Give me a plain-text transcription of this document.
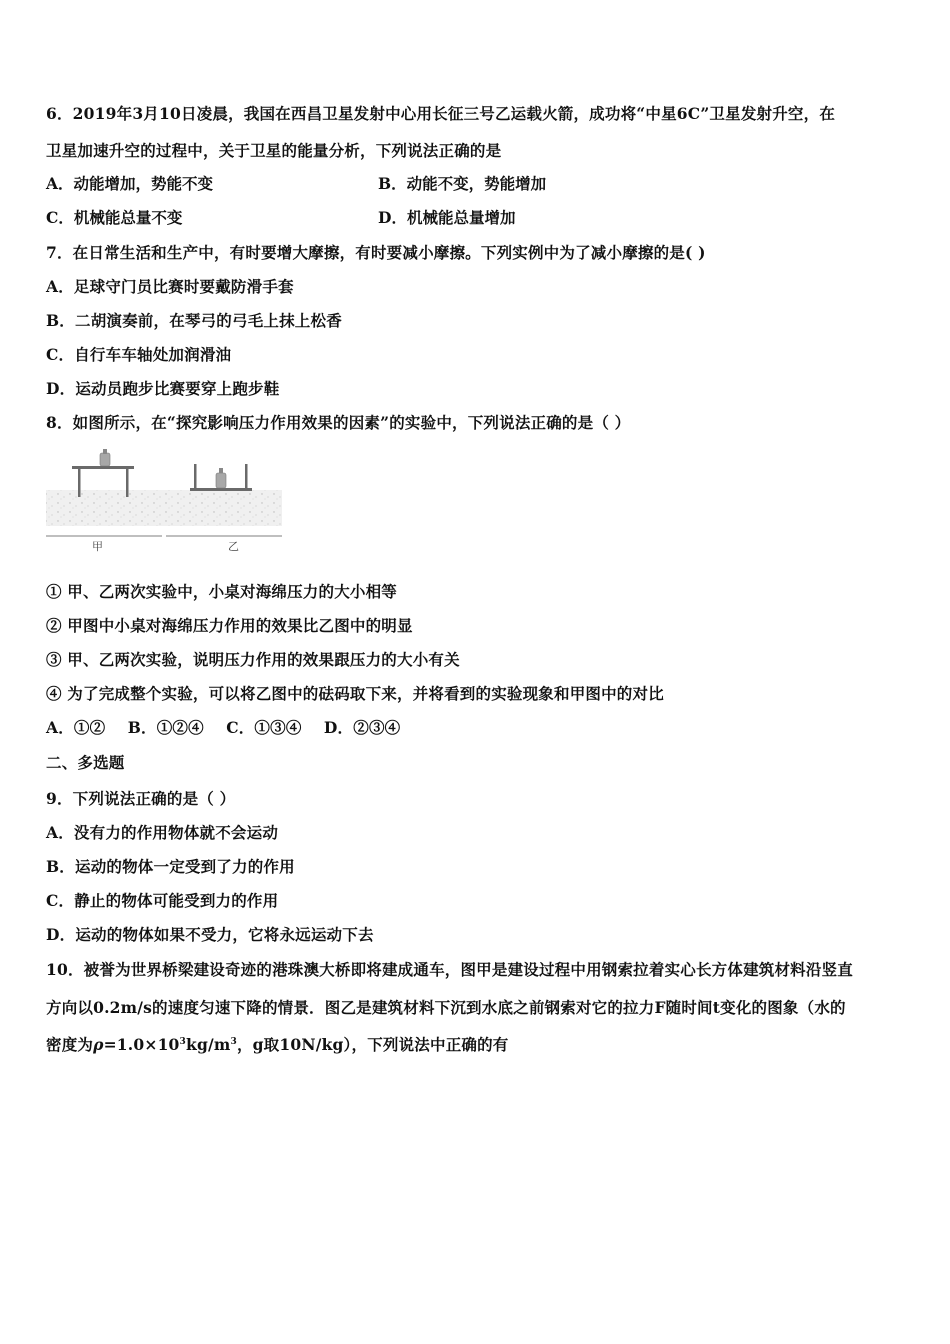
6．2019年3月10日凌晨，我国在西昌卫星发射中心用长征三号乙运载火箭，成功将“中星6C”卫星发射升空，在
卫星加速升空的过程中，关于卫星的能量分析，下列说法正确的是
A．动能增加，势能不变	B．动能不变，势能增加
C．机械能总量不变	D．机械能总量增加
7．在日常生活和生产中，有时要增大摩擦，有时要减小摩擦。下列实例中为了减小摩擦的是( )
A．足球守门员比赛时要戴防滑手套
B．二胡演奏前，在琴弓的弓毛上抹上松香
C．自行车车轴处加润滑油
D．运动员跑步比赛要穿上跑步鞋
8．如图所示，在“探究影响压力作用效果的因素”的实验中，下列说法正确的是（ ）
甲	乙
① 甲、乙两次实验中，小桌对海绵压力的大小相等
② 甲图中小桌对海绵压力作用的效果比乙图中的明显
③ 甲、乙两次实验，说明压力作用的效果跟压力的大小有关
④ 为了完成整个实验，可以将乙图中的砝码取下来，并将看到的实验现象和甲图中的对比
A．①②    B．①②④    C．①③④    D．②③④
二、多选题
9．下列说法正确的是（ ）
A．没有力的作用物体就不会运动
B．运动的物体一定受到了力的作用
C．静止的物体可能受到力的作用
D．运动的物体如果不受力，它将永远运动下去
10．被誉为世界桥梁建设奇迹的港珠澳大桥即将建成通车，图甲是建设过程中用钢索拉着实心长方体建筑材料沿竖直
方向以0.2m/s的速度匀速下降的情景．图乙是建筑材料下沉到水底之前钢索对它的拉力F随时间t变化的图象（水的
密度为$\rho=1.0\times 10^3kg/m^3$，g取10N/kg），下列说法中正确的有
